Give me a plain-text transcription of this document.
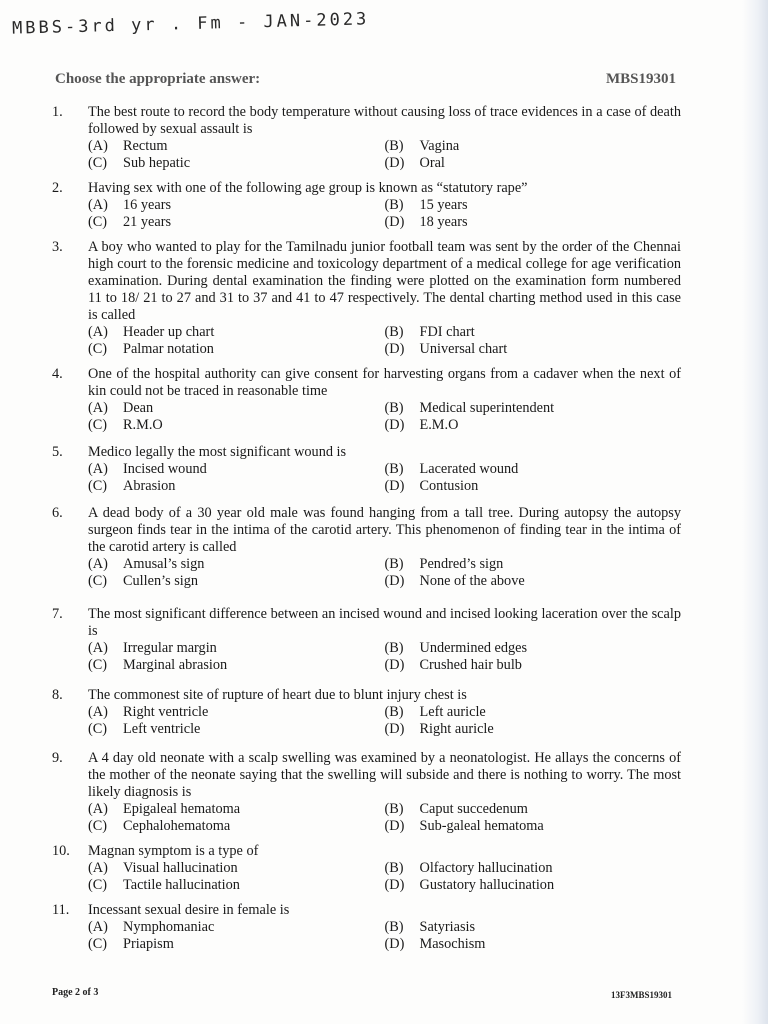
MBBS-3rd yr . Fm - JAN-2023
Choose the appropriate answer:	MBS19301
1.	The best route to record the body temperature without causing loss of trace evidences in a case of death followed by sexual assault is
(A)	Rectum	(B)	Vagina
(C)	Sub hepatic	(D)	Oral
2.	Having sex with one of the following age group is known as “statutory rape”
(A)	16 years	(B)	15 years
(C)	21 years	(D)	18 years
3.	A boy who wanted to play for the Tamilnadu junior football team was sent by the order of the Chennai high court to the forensic medicine and toxicology department of a medical college for age verification examination. During dental examination the finding were plotted on the examination form numbered 11 to 18/ 21 to 27 and 31 to 37 and 41 to 47 respectively. The dental charting method used in this case is called
(A)	Header up chart	(B)	FDI chart
(C)	Palmar notation	(D)	Universal chart
4.	One of the hospital authority can give consent for harvesting organs from a cadaver when the next of kin could not be traced in reasonable time
(A)	Dean	(B)	Medical superintendent
(C)	R.M.O	(D)	E.M.O
5.	Medico legally the most significant wound is
(A)	Incised wound	(B)	Lacerated wound
(C)	Abrasion	(D)	Contusion
6.	A dead body of a 30 year old male was found hanging from a tall tree. During autopsy the autopsy surgeon finds tear in the intima of the carotid artery. This phenomenon of finding tear in the intima of the carotid artery is called
(A)	Amusal’s sign	(B)	Pendred’s sign
(C)	Cullen’s sign	(D)	None of the above
7.	The most significant difference between an incised wound and incised looking laceration over the scalp is
(A)	Irregular margin	(B)	Undermined edges
(C)	Marginal abrasion	(D)	Crushed hair bulb
8.	The commonest site of rupture of heart due to blunt injury chest is
(A)	Right ventricle	(B)	Left auricle
(C)	Left ventricle	(D)	Right auricle
9.	A 4 day old neonate with a scalp swelling was examined by a neonatologist. He allays the concerns of the mother of the neonate saying that the swelling will subside and there is nothing to worry. The most likely diagnosis is
(A)	Epigaleal hematoma	(B)	Caput succedenum
(C)	Cephalohematoma	(D)	Sub-galeal hematoma
10.	Magnan symptom is a type of
(A)	Visual hallucination	(B)	Olfactory hallucination
(C)	Tactile hallucination	(D)	Gustatory hallucination
11.	Incessant sexual desire in female is
(A)	Nymphomaniac	(B)	Satyriasis
(C)	Priapism	(D)	Masochism
Page 2 of 3	13F3MBS19301
